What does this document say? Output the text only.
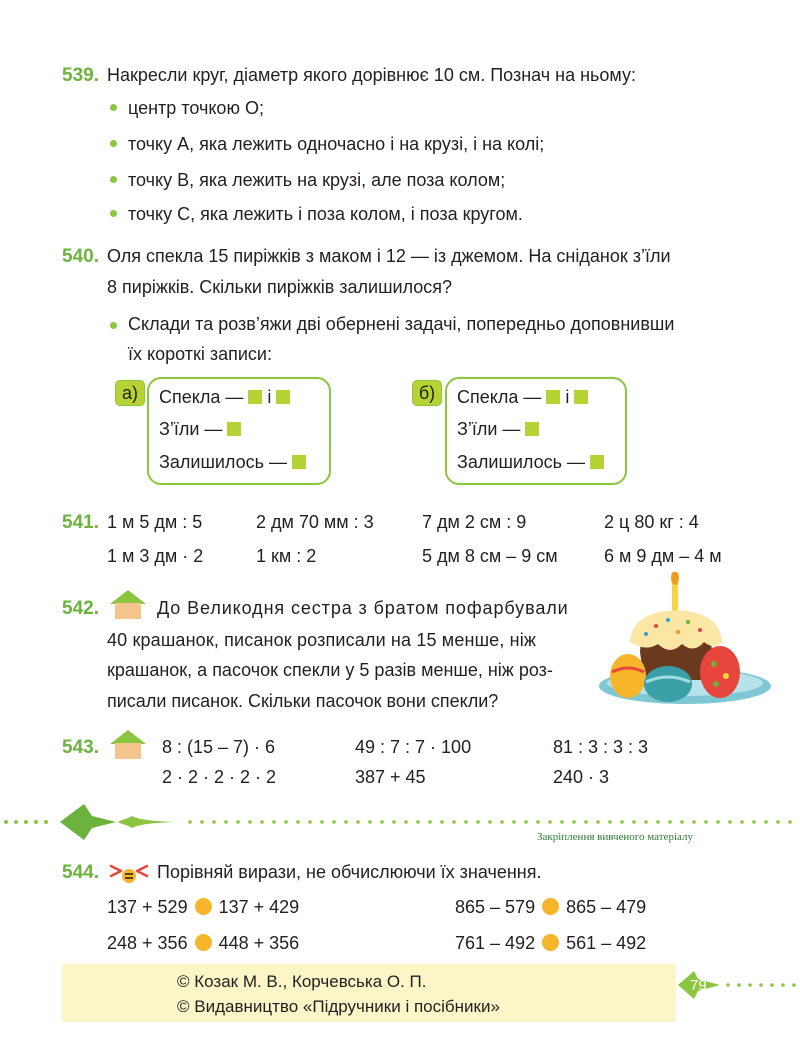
539. Накресли круг, діаметр якого дорівнює 10 см. Познач на ньому:
центр точкою O;
точку A, яка лежить одночасно і на крузі, і на колі;
точку B, яка лежить на крузі, але поза колом;
точку C, яка лежить і поза колом, і поза кругом.
540. Оля спекла 15 пиріжків з маком і 12 — із джемом. На сніданок з’їли
8 пиріжків. Скільки пиріжків залишилося?
Склади та розв’яжи дві обернені задачі, попередньо доповнивши
їх короткі записи:
Спекла — і
З’їли —
Залишилось —
а)	Спекла — і
З’їли —
Залишилось —
б)
541. 1 м 5 дм : 5	2 дм 70 мм : 3	7 дм 2 см : 9	2 ц 80 кг : 4
1 м 3 дм · 2	1 км : 2	5 дм 8 см – 9 см	6 м 9 дм – 4 м
542.	До Великодня сестра з братом пофарбували
40 крашанок, писанок розписали на 15 менше, ніж
крашанок, а пасочок спекли у 5 разів менше, ніж роз-
писали писанок. Скільки пасочок вони спекли?
543.	8 : (15 – 7) · 6	49 : 7 : 7 · 100	81 : 3 : 3 : 3
2 · 2 · 2 · 2 · 2	387 + 45	240 · 3
Закріплення вивченого матеріалу
544.	Порівняй вирази, не обчислюючи їх значення.
137 + 529 137 + 429	865 – 579 865 – 479
248 + 356 448 + 356	761 – 492 561 – 492
© Козак М. В., Корчевська О. П.
© Видавництво «Підручники і посібники»
79
